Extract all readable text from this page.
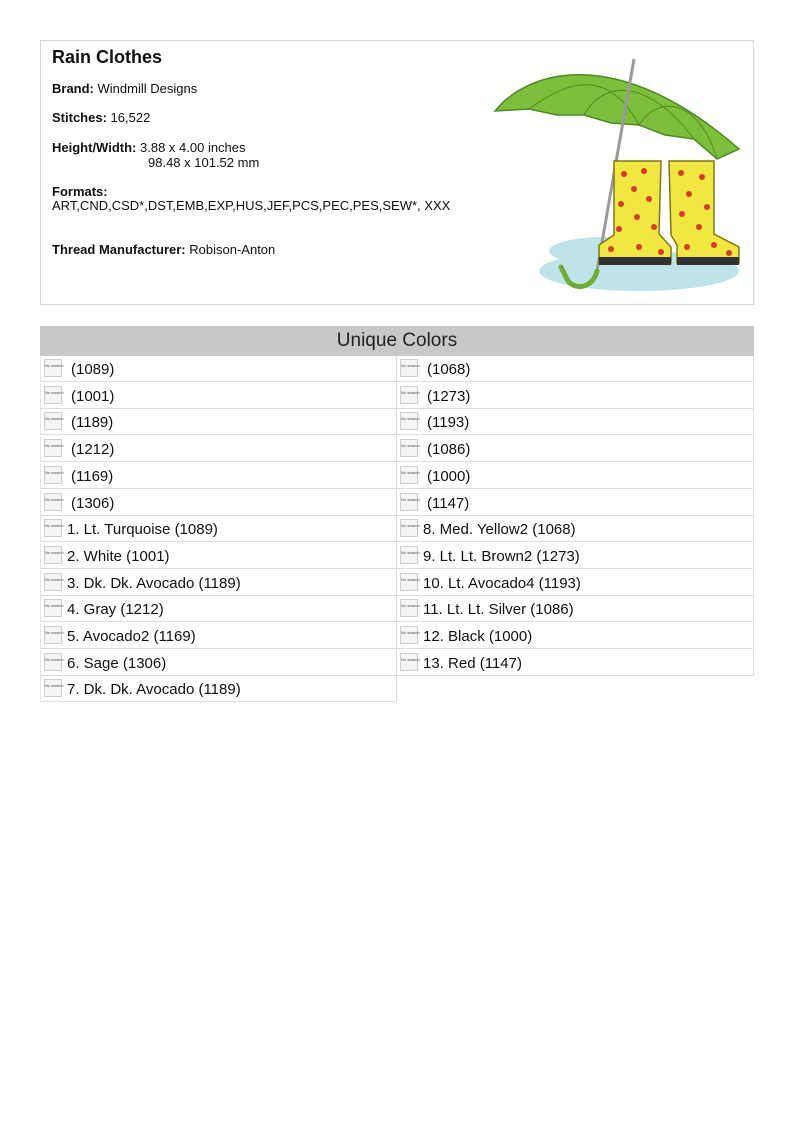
Rain Clothes
Brand: Windmill Designs
Stitches: 16,522
Height/Width: 3.88 x 4.00 inches
98.48 x 101.52 mm
Formats:
ART,CND,CSD*,DST,EMB,EXP,HUS,JEF,PCS,PEC,PES,SEW*, XXX
Thread Manufacturer: Robison-Anton
Unique Colors
No swatch (1089)
No swatch (1001)
No swatch (1189)
No swatch (1212)
No swatch (1169)
No swatch (1306)
No swatch 1. Lt. Turquoise (1089)
No swatch 2. White (1001)
No swatch 3. Dk. Dk. Avocado (1189)
No swatch 4. Gray (1212)
No swatch 5. Avocado2 (1169)
No swatch 6. Sage (1306)
No swatch 7. Dk. Dk. Avocado (1189)
No swatch (1068)
No swatch (1273)
No swatch (1193)
No swatch (1086)
No swatch (1000)
No swatch (1147)
No swatch 8. Med. Yellow2 (1068)
No swatch 9. Lt. Lt. Brown2 (1273)
No swatch 10. Lt. Avocado4 (1193)
No swatch 11. Lt. Lt. Silver (1086)
No swatch 12. Black (1000)
No swatch 13. Red (1147)
